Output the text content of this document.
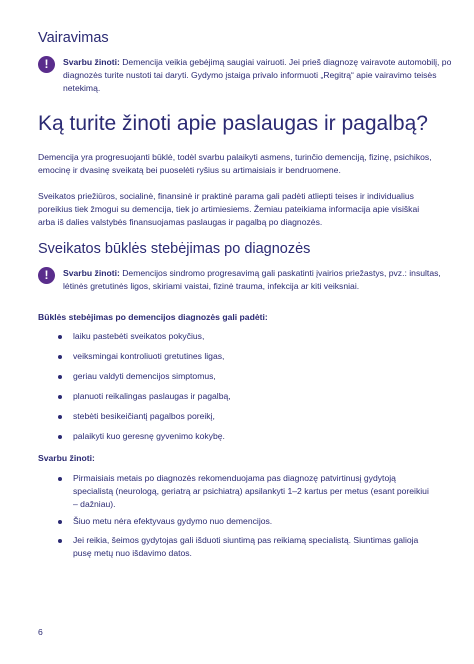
Vairavimas
!	Svarbu žinoti: Demencija veikia gebėjimą saugiai vairuoti. Jei prieš diagnozę vairavote automobilį, po diagnozės turite nustoti tai daryti. Gydymo įstaiga privalo informuoti „Regitrą“ apie vairavimo teisės netekimą.
Ką turite žinoti apie paslaugas ir pagalbą?

Demencija yra progresuojanti būklė, todėl svarbu palaikyti asmens, turinčio demenciją, fizinę, psichikos, emocinę ir dvasinę sveikatą bei puoselėti ryšius su artimaisiais ir bendruomene.

Sveikatos priežiūros, socialinė, finansinė ir praktinė parama gali padėti atliepti teises ir individualius poreikius tiek žmogui su demencija, tiek jo artimiesiems. Žemiau pateikiama informacija apie visiškai arba iš dalies valstybės finansuojamas paslaugas ir pagalbą po diagnozės.

Sveikatos būklės stebėjimas po diagnozės
!	Svarbu žinoti: Demencijos sindromo progresavimą gali paskatinti įvairios priežastys, pvz.: insultas, lėtinės gretutinės ligos, skiriami vaistai, fizinė trauma, infekcija ar kiti veiksniai.

Būklės stebėjimas po demencijos diagnozės gali padėti:

laiku pastebėti sveikatos pokyčius,
veiksmingai kontroliuoti gretutines ligas,
geriau valdyti demencijos simptomus,
planuoti reikalingas paslaugas ir pagalbą,
stebėti besikeičiantį pagalbos poreikį,
palaikyti kuo geresnę gyvenimo kokybę.

Svarbu žinoti:

Pirmaisiais metais po diagnozės rekomenduojama pas diagnozę patvirtinusį gydytoją specialistą (neurologą, geriatrą ar psichiatrą) apsilankyti 1–2 kartus per metus (esant poreikiui – dažniau).
Šiuo metu nėra efektyvaus gydymo nuo demencijos.
Jei reikia, šeimos gydytojas gali išduoti siuntimą pas reikiamą specialistą. Siuntimas galioja pusę metų nuo išdavimo datos.
6
